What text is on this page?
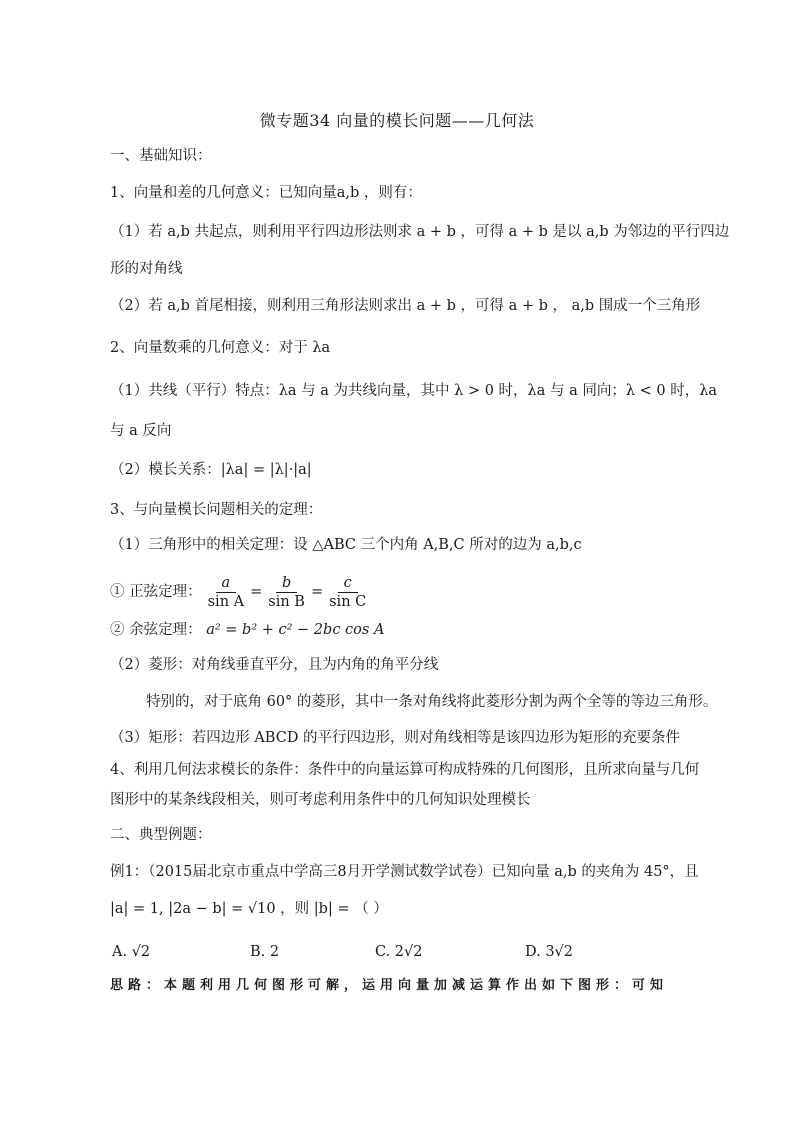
微专题34 向量的模长问题——几何法
一、基础知识：
1、向量和差的几何意义：已知向量a,b ，则有：
（1）若 a,b 共起点，则利用平行四边形法则求 a + b ，可得 a + b 是以 a,b 为邻边的平行四边
形的对角线
（2）若 a,b 首尾相接，则利用三角形法则求出 a + b ，可得 a + b ， a,b 围成一个三角形
2、向量数乘的几何意义：对于 λa
（1）共线（平行）特点：λa 与 a 为共线向量，其中 λ > 0 时，λa 与 a 同向；λ < 0 时，λa
与 a 反向
（2）模长关系：|λa| = |λ|·|a|
3、与向量模长问题相关的定理：
（1）三角形中的相关定理：设 △ABC 三个内角 A,B,C 所对的边为 a,b,c
① 正弦定理： $\frac{a}{\text{sin A}} = \frac{b}{\text{sin B}} = \frac{c}{\text{sin C}}$
② 余弦定理： a² = b² + c² − 2bc cos A
（2）菱形：对角线垂直平分，且为内角的角平分线
特别的，对于底角 60° 的菱形，其中一条对角线将此菱形分割为两个全等的等边三角形。
（3）矩形：若四边形 ABCD 的平行四边形，则对角线相等是该四边形为矩形的充要条件
4、利用几何法求模长的条件：条件中的向量运算可构成特殊的几何图形，且所求向量与几何
图形中的某条线段相关，则可考虑利用条件中的几何知识处理模长
二、典型例题：
例1：（2015届北京市重点中学高三8月开学测试数学试卷）已知向量 a,b 的夹角为 45°，且
|a| = 1, |2a − b| = √10 ，则 |b| = （ ）
A. √2	B. 2	C. 2√2	D. 3√2
思路：本题利用几何图形可解，运用向量加减运算作出如下图形：可知
